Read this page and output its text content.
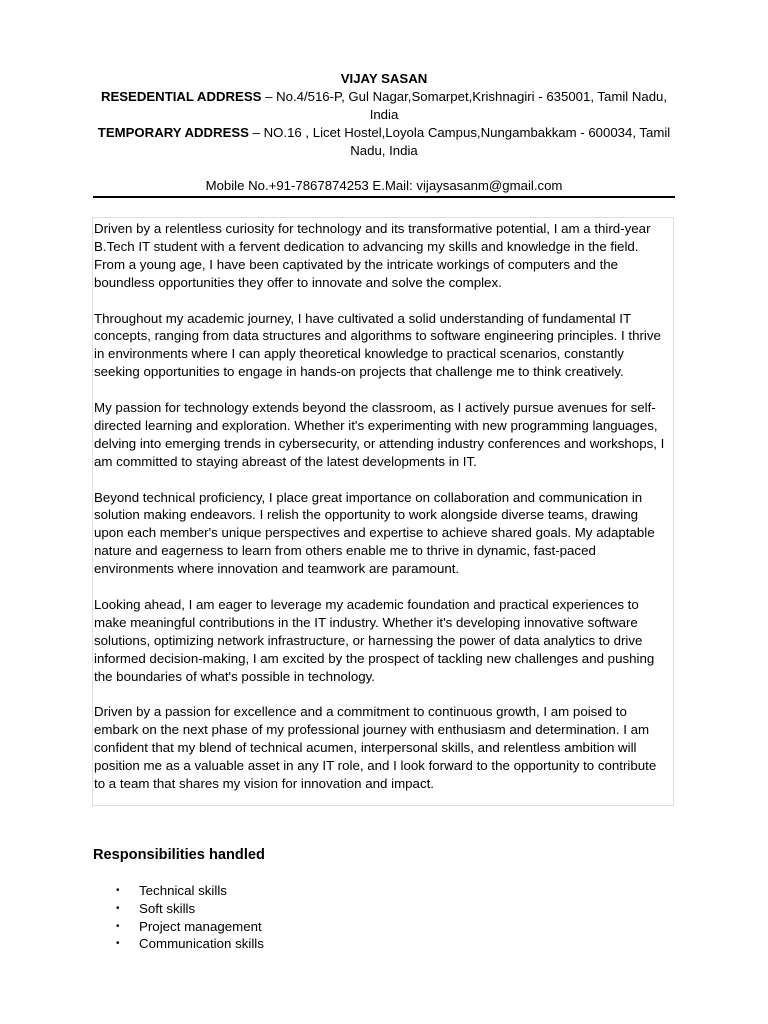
VIJAY SASAN
RESEDENTIAL ADDRESS – No.4/516-P, Gul Nagar,Somarpet,Krishnagiri - 635001, Tamil Nadu, India
TEMPORARY ADDRESS – NO.16 , Licet Hostel,Loyola Campus,Nungambakkam - 600034, Tamil Nadu, India
Mobile No.+91-7867874253 E.Mail: vijaysasanm@gmail.com

Driven by a relentless curiosity for technology and its transformative potential, I am a third-year B.Tech IT student with a fervent dedication to advancing my skills and knowledge in the field. From a young age, I have been captivated by the intricate workings of computers and the boundless opportunities they offer to innovate and solve the complex.

Throughout my academic journey, I have cultivated a solid understanding of fundamental IT concepts, ranging from data structures and algorithms to software engineering principles. I thrive in environments where I can apply theoretical knowledge to practical scenarios, constantly seeking opportunities to engage in hands-on projects that challenge me to think creatively.

My passion for technology extends beyond the classroom, as I actively pursue avenues for self-directed learning and exploration. Whether it's experimenting with new programming languages, delving into emerging trends in cybersecurity, or attending industry conferences and workshops, I am committed to staying abreast of the latest developments in IT.

Beyond technical proficiency, I place great importance on collaboration and communication in solution making endeavors. I relish the opportunity to work alongside diverse teams, drawing upon each member's unique perspectives and expertise to achieve shared goals. My adaptable nature and eagerness to learn from others enable me to thrive in dynamic, fast-paced environments where innovation and teamwork are paramount.

Looking ahead, I am eager to leverage my academic foundation and practical experiences to make meaningful contributions in the IT industry. Whether it's developing innovative software solutions, optimizing network infrastructure, or harnessing the power of data analytics to drive informed decision-making, I am excited by the prospect of tackling new challenges and pushing the boundaries of what's possible in technology.

Driven by a passion for excellence and a commitment to continuous growth, I am poised to embark on the next phase of my professional journey with enthusiasm and determination. I am confident that my blend of technical acumen, interpersonal skills, and relentless ambition will position me as a valuable asset in any IT role, and I look forward to the opportunity to contribute to a team that shares my vision for innovation and impact.

Responsibilities handled
• Technical skills
• Soft skills
• Project management
• Communication skills
